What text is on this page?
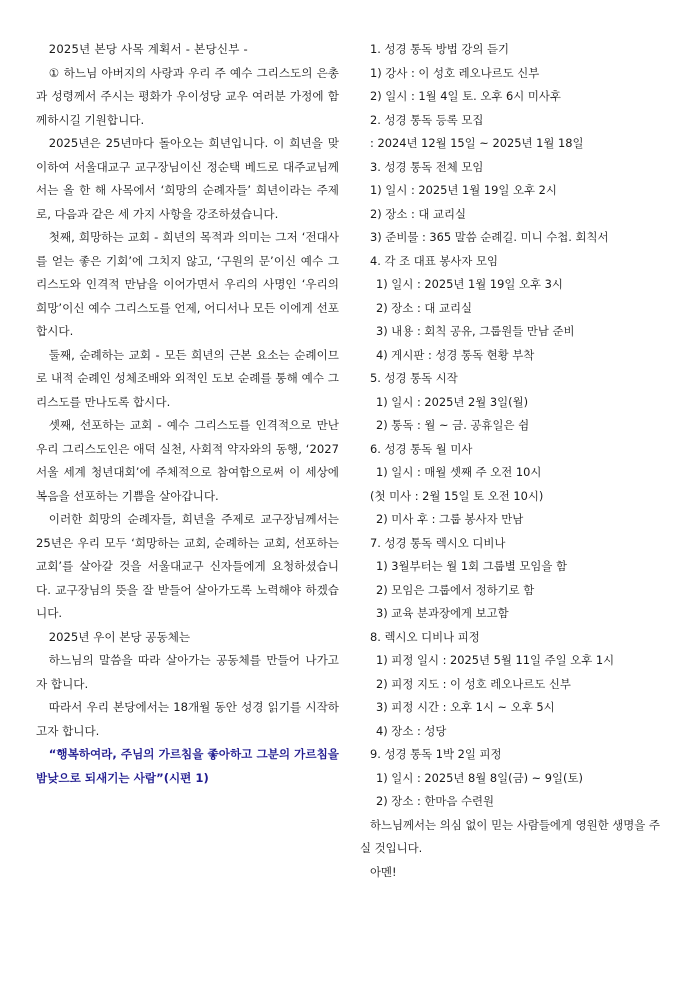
2025년 본당 사목 계획서 - 본당신부 -

① 하느님 아버지의 사랑과 우리 주 예수 그리스도의 은총과 성령께서 주시는 평화가 우이성당 교우 여러분 가정에 함께하시길 기원합니다.

2025년은 25년마다 돌아오는 희년입니다. 이 희년을 맞이하여 서울대교구 교구장님이신 정순택 베드로 대주교님께서는 올 한 해 사목에서 ‘희망의 순례자들’ 희년이라는 주제로, 다음과 같은 세 가지 사항을 강조하셨습니다.

첫째, 희망하는 교회 - 희년의 목적과 의미는 그저 ‘전대사를 얻는 좋은 기회’에 그치지 않고, ‘구원의 문’이신 예수 그리스도와 인격적 만남을 이어가면서 우리의 사명인 ‘우리의 희망’이신 예수 그리스도를 언제, 어디서나 모든 이에게 선포합시다.

둘째, 순례하는 교회 - 모든 희년의 근본 요소는 순례이므로 내적 순례인 성체조배와 외적인 도보 순례를 통해 예수 그리스도를 만나도록 합시다.

셋째, 선포하는 교회 - 예수 그리스도를 인격적으로 만난 우리 그리스도인은 애덕 실천, 사회적 약자와의 동행, ‘2027 서울 세계 청년대회’에 주체적으로 참여함으로써 이 세상에 복음을 선포하는 기쁨을 살아갑니다.

이러한 희망의 순례자들, 희년을 주제로 교구장님께서는 25년은 우리 모두 ‘희망하는 교회, 순례하는 교회, 선포하는 교회’를 살아갈 것을 서울대교구 신자들에게 요청하셨습니다. 교구장님의 뜻을 잘 받들어 살아가도록 노력해야 하겠습니다.

2025년 우이 본당 공동체는

하느님의 말씀을 따라 살아가는 공동체를 만들어 나가고자 합니다.

따라서 우리 본당에서는 18개월 동안 성경 읽기를 시작하고자 합니다.

“행복하여라, 주님의 가르침을 좋아하고 그분의 가르침을 밤낮으로 되새기는 사람”(시편 1)

1. 성경 통독 방법 강의 듣기
1) 강사 : 이 성호 레오나르도 신부
2) 일시 : 1월 4일 토. 오후 6시 미사후
2. 성경 통독 등록 모집
: 2024년 12월 15일 ~ 2025년 1월 18일
3. 성경 통독 전체 모임
1) 일시 : 2025년 1월 19일 오후 2시
2) 장소 : 대 교리실
3) 준비물 : 365 말씀 순례길. 미니 수첩. 회칙서
4. 각 조 대표 봉사자 모임
1) 일시 : 2025년 1월 19일 오후 3시
2) 장소 : 대 교리실
3) 내용 : 회칙 공유, 그룹원들 만남 준비
4) 게시판 : 성경 통독 현황 부착
5. 성경 통독 시작
1) 일시 : 2025년 2월 3일(월)
2) 통독 : 월 ~ 금. 공휴일은 쉼
6. 성경 통독 월 미사
1) 일시 : 매월 셋째 주 오전 10시
(첫 미사 : 2월 15일 토 오전 10시)
2) 미사 후 : 그룹 봉사자 만남
7. 성경 통독 렉시오 디비나
1) 3월부터는 월 1회 그룹별 모임을 함
2) 모임은 그룹에서 정하기로 함
3) 교육 분과장에게 보고함
8. 렉시오 디비나 피정
1) 피정 일시 : 2025년 5월 11일 주일 오후 1시
2) 피정 지도 : 이 성호 레오나르도 신부
3) 피정 시간 : 오후 1시 ~ 오후 5시
4) 장소 : 성당
9. 성경 통독 1박 2일 피정
1) 일시 : 2025년 8월 8일(금) ~ 9일(토)
2) 장소 : 한마음 수련원

하느님께서는 의심 없이 믿는 사람들에게 영원한 생명을 주실 것입니다.

아멘!
